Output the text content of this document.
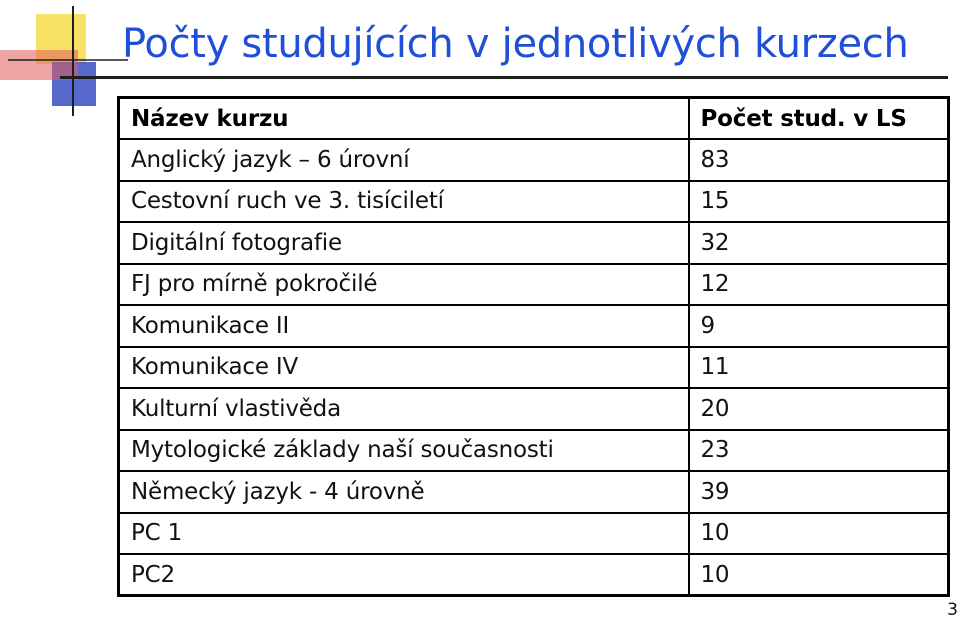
Počty studujících v jednotlivých kurzech
Název kurzu	Počet stud. v LS
Anglický jazyk – 6 úrovní	83
Cestovní ruch ve 3. tisíciletí	15
Digitální fotografie	32
FJ pro mírně pokročilé	12
Komunikace II	9
Komunikace IV	11
Kulturní vlastivěda	20
Mytologické základy naší současnosti	23
Německý jazyk - 4 úrovně	39
PC 1	10
PC2	10
3
